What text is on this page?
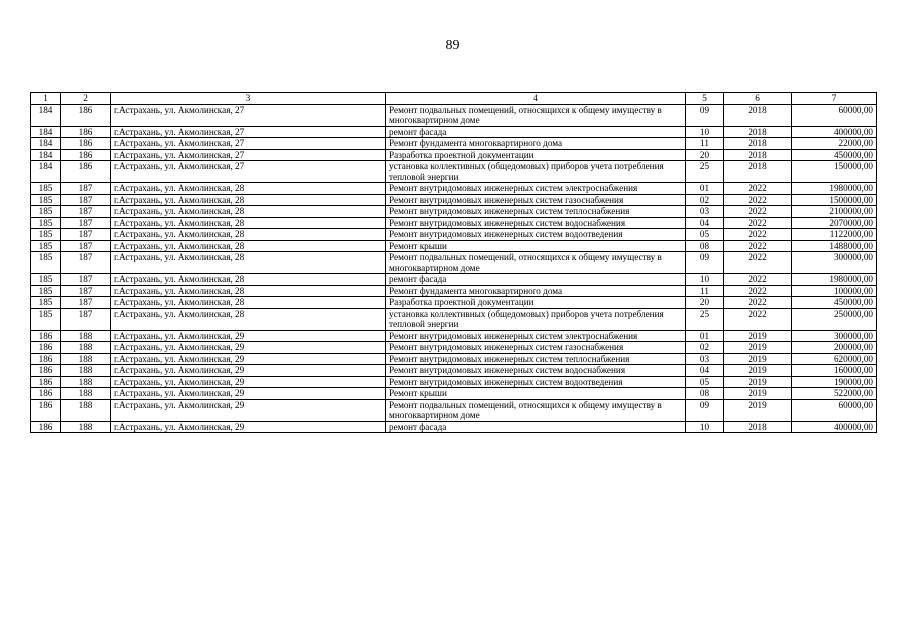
89
1	2	3	4	5	6	7
184	186	г.Астрахань, ул. Акмолинская, 27	Ремонт подвальных помещений, относящихся к общему имуществу в многоквартирном доме	09	2018	60000,00
184	186	г.Астрахань, ул. Акмолинская, 27	ремонт фасада	10	2018	400000,00
184	186	г.Астрахань, ул. Акмолинская, 27	Ремонт фундамента многоквартирного дома	11	2018	22000,00
184	186	г.Астрахань, ул. Акмолинская, 27	Разработка проектной документации	20	2018	450000,00
184	186	г.Астрахань, ул. Акмолинская, 27	установка коллективных (общедомовых) приборов учета потребления тепловой энергии	25	2018	150000,00
185	187	г.Астрахань, ул. Акмолинская, 28	Ремонт внутридомовых инженерных систем электроснабжения	01	2022	1980000,00
185	187	г.Астрахань, ул. Акмолинская, 28	Ремонт внутридомовых инженерных систем газоснабжения	02	2022	1500000,00
185	187	г.Астрахань, ул. Акмолинская, 28	Ремонт внутридомовых инженерных систем теплоснабжения	03	2022	2100000,00
185	187	г.Астрахань, ул. Акмолинская, 28	Ремонт внутридомовых инженерных систем водоснабжения	04	2022	2070000,00
185	187	г.Астрахань, ул. Акмолинская, 28	Ремонт внутридомовых инженерных систем водоотведения	05	2022	1122000,00
185	187	г.Астрахань, ул. Акмолинская, 28	Ремонт крыши	08	2022	1488000,00
185	187	г.Астрахань, ул. Акмолинская, 28	Ремонт подвальных помещений, относящихся к общему имуществу в многоквартирном доме	09	2022	300000,00
185	187	г.Астрахань, ул. Акмолинская, 28	ремонт фасада	10	2022	1980000,00
185	187	г.Астрахань, ул. Акмолинская, 28	Ремонт фундамента многоквартирного дома	11	2022	100000,00
185	187	г.Астрахань, ул. Акмолинская, 28	Разработка проектной документации	20	2022	450000,00
185	187	г.Астрахань, ул. Акмолинская, 28	установка коллективных (общедомовых) приборов учета потребления тепловой энергии	25	2022	250000,00
186	188	г.Астрахань, ул. Акмолинская, 29	Ремонт внутридомовых инженерных систем электроснабжения	01	2019	300000,00
186	188	г.Астрахань, ул. Акмолинская, 29	Ремонт внутридомовых инженерных систем газоснабжения	02	2019	200000,00
186	188	г.Астрахань, ул. Акмолинская, 29	Ремонт внутридомовых инженерных систем теплоснабжения	03	2019	620000,00
186	188	г.Астрахань, ул. Акмолинская, 29	Ремонт внутридомовых инженерных систем водоснабжения	04	2019	160000,00
186	188	г.Астрахань, ул. Акмолинская, 29	Ремонт внутридомовых инженерных систем водоотведения	05	2019	190000,00
186	188	г.Астрахань, ул. Акмолинская, 29	Ремонт крыши	08	2019	522000,00
186	188	г.Астрахань, ул. Акмолинская, 29	Ремонт подвальных помещений, относящихся к общему имуществу в многоквартирном доме	09	2019	60000,00
186	188	г.Астрахань, ул. Акмолинская, 29	ремонт фасада	10	2018	400000,00
